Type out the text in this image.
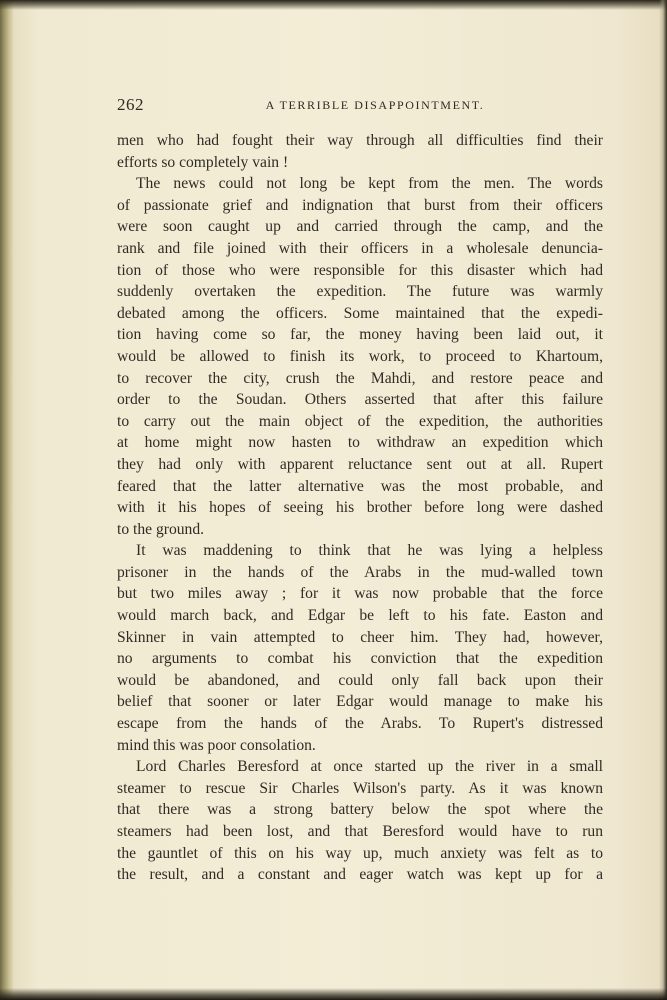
262	A TERRIBLE DISAPPOINTMENT.
men who had fought their way through all difficulties find their
efforts so completely vain !
The news could not long be kept from the men. The words
of passionate grief and indignation that burst from their officers
were soon caught up and carried through the camp, and the
rank and file joined with their officers in a wholesale denuncia-
tion of those who were responsible for this disaster which had
suddenly overtaken the expedition. The future was warmly
debated among the officers. Some maintained that the expedi-
tion having come so far, the money having been laid out, it
would be allowed to finish its work, to proceed to Khartoum,
to recover the city, crush the Mahdi, and restore peace and
order to the Soudan. Others asserted that after this failure
to carry out the main object of the expedition, the authorities
at home might now hasten to withdraw an expedition which
they had only with apparent reluctance sent out at all. Rupert
feared that the latter alternative was the most probable, and
with it his hopes of seeing his brother before long were dashed
to the ground.
It was maddening to think that he was lying a helpless
prisoner in the hands of the Arabs in the mud-walled town
but two miles away ; for it was now probable that the force
would march back, and Edgar be left to his fate. Easton and
Skinner in vain attempted to cheer him. They had, however,
no arguments to combat his conviction that the expedition
would be abandoned, and could only fall back upon their
belief that sooner or later Edgar would manage to make his
escape from the hands of the Arabs. To Rupert's distressed
mind this was poor consolation.
Lord Charles Beresford at once started up the river in a small
steamer to rescue Sir Charles Wilson's party. As it was known
that there was a strong battery below the spot where the
steamers had been lost, and that Beresford would have to run
the gauntlet of this on his way up, much anxiety was felt as to
the result, and a constant and eager watch was kept up for a
